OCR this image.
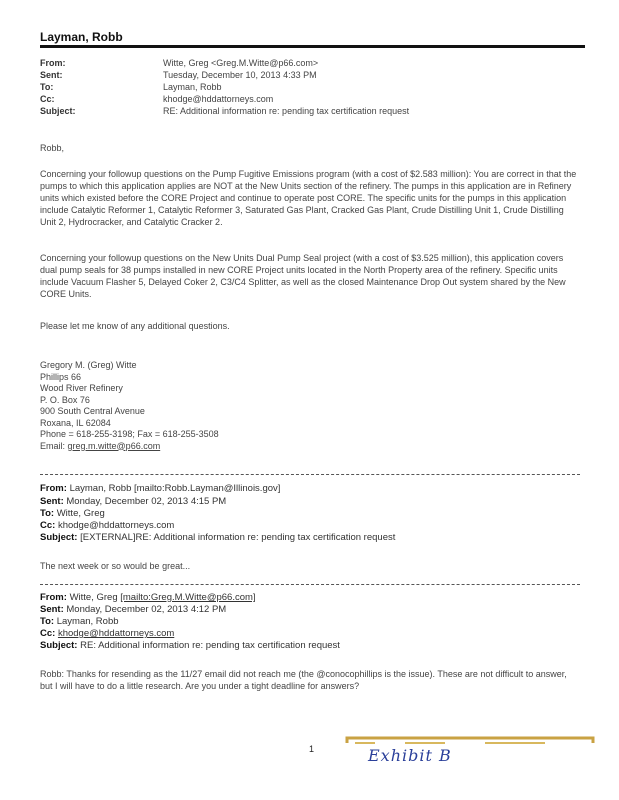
Layman, Robb
From:	Witte, Greg <Greg.M.Witte@p66.com>
Sent:	Tuesday, December 10, 2013 4:33 PM
To:	Layman, Robb
Cc:	khodge@hddattorneys.com
Subject:	RE: Additional information re: pending tax certification request
Robb,
Concerning your followup questions on the Pump Fugitive Emissions program (with a cost of $2.583 million): You are correct in that the pumps to which this application applies are NOT at the New Units section of the refinery. The pumps in this application are in Refinery units which existed before the CORE Project and continue to operate post CORE. The specific units for the pumps in this application include Catalytic Reformer 1, Catalytic Reformer 3, Saturated Gas Plant, Cracked Gas Plant, Crude Distilling Unit 1, Crude Distilling Unit 2, Hydrocracker, and Catalytic Cracker 2.
Concerning your followup questions on the New Units Dual Pump Seal project (with a cost of $3.525 million), this application covers dual pump seals for 38 pumps installed in new CORE Project units located in the North Property area of the refinery. Specific units include Vacuum Flasher 5, Delayed Coker 2, C3/C4 Splitter, as well as the closed Maintenance Drop Out system shared by the New CORE Units.
Please let me know of any additional questions.
Gregory M. (Greg) Witte
Phillips 66
Wood River Refinery
P. O. Box 76
900 South Central Avenue
Roxana, IL 62084
Phone = 618-255-3198; Fax = 618-255-3508
Email: greg.m.witte@p66.com
From: Layman, Robb [mailto:Robb.Layman@Illinois.gov]
Sent: Monday, December 02, 2013 4:15 PM
To: Witte, Greg
Cc: khodge@hddattorneys.com
Subject: [EXTERNAL]RE: Additional information re: pending tax certification request
The next week or so would be great...
From: Witte, Greg [mailto:Greg.M.Witte@p66.com]
Sent: Monday, December 02, 2013 4:12 PM
To: Layman, Robb
Cc: khodge@hddattorneys.com
Subject: RE: Additional information re: pending tax certification request
Robb: Thanks for resending as the 11/27 email did not reach me (the @conocophillips is the issue). These are not difficult to answer, but I will have to do a little research. Are you under a tight deadline for answers?
1	Exhibit B
